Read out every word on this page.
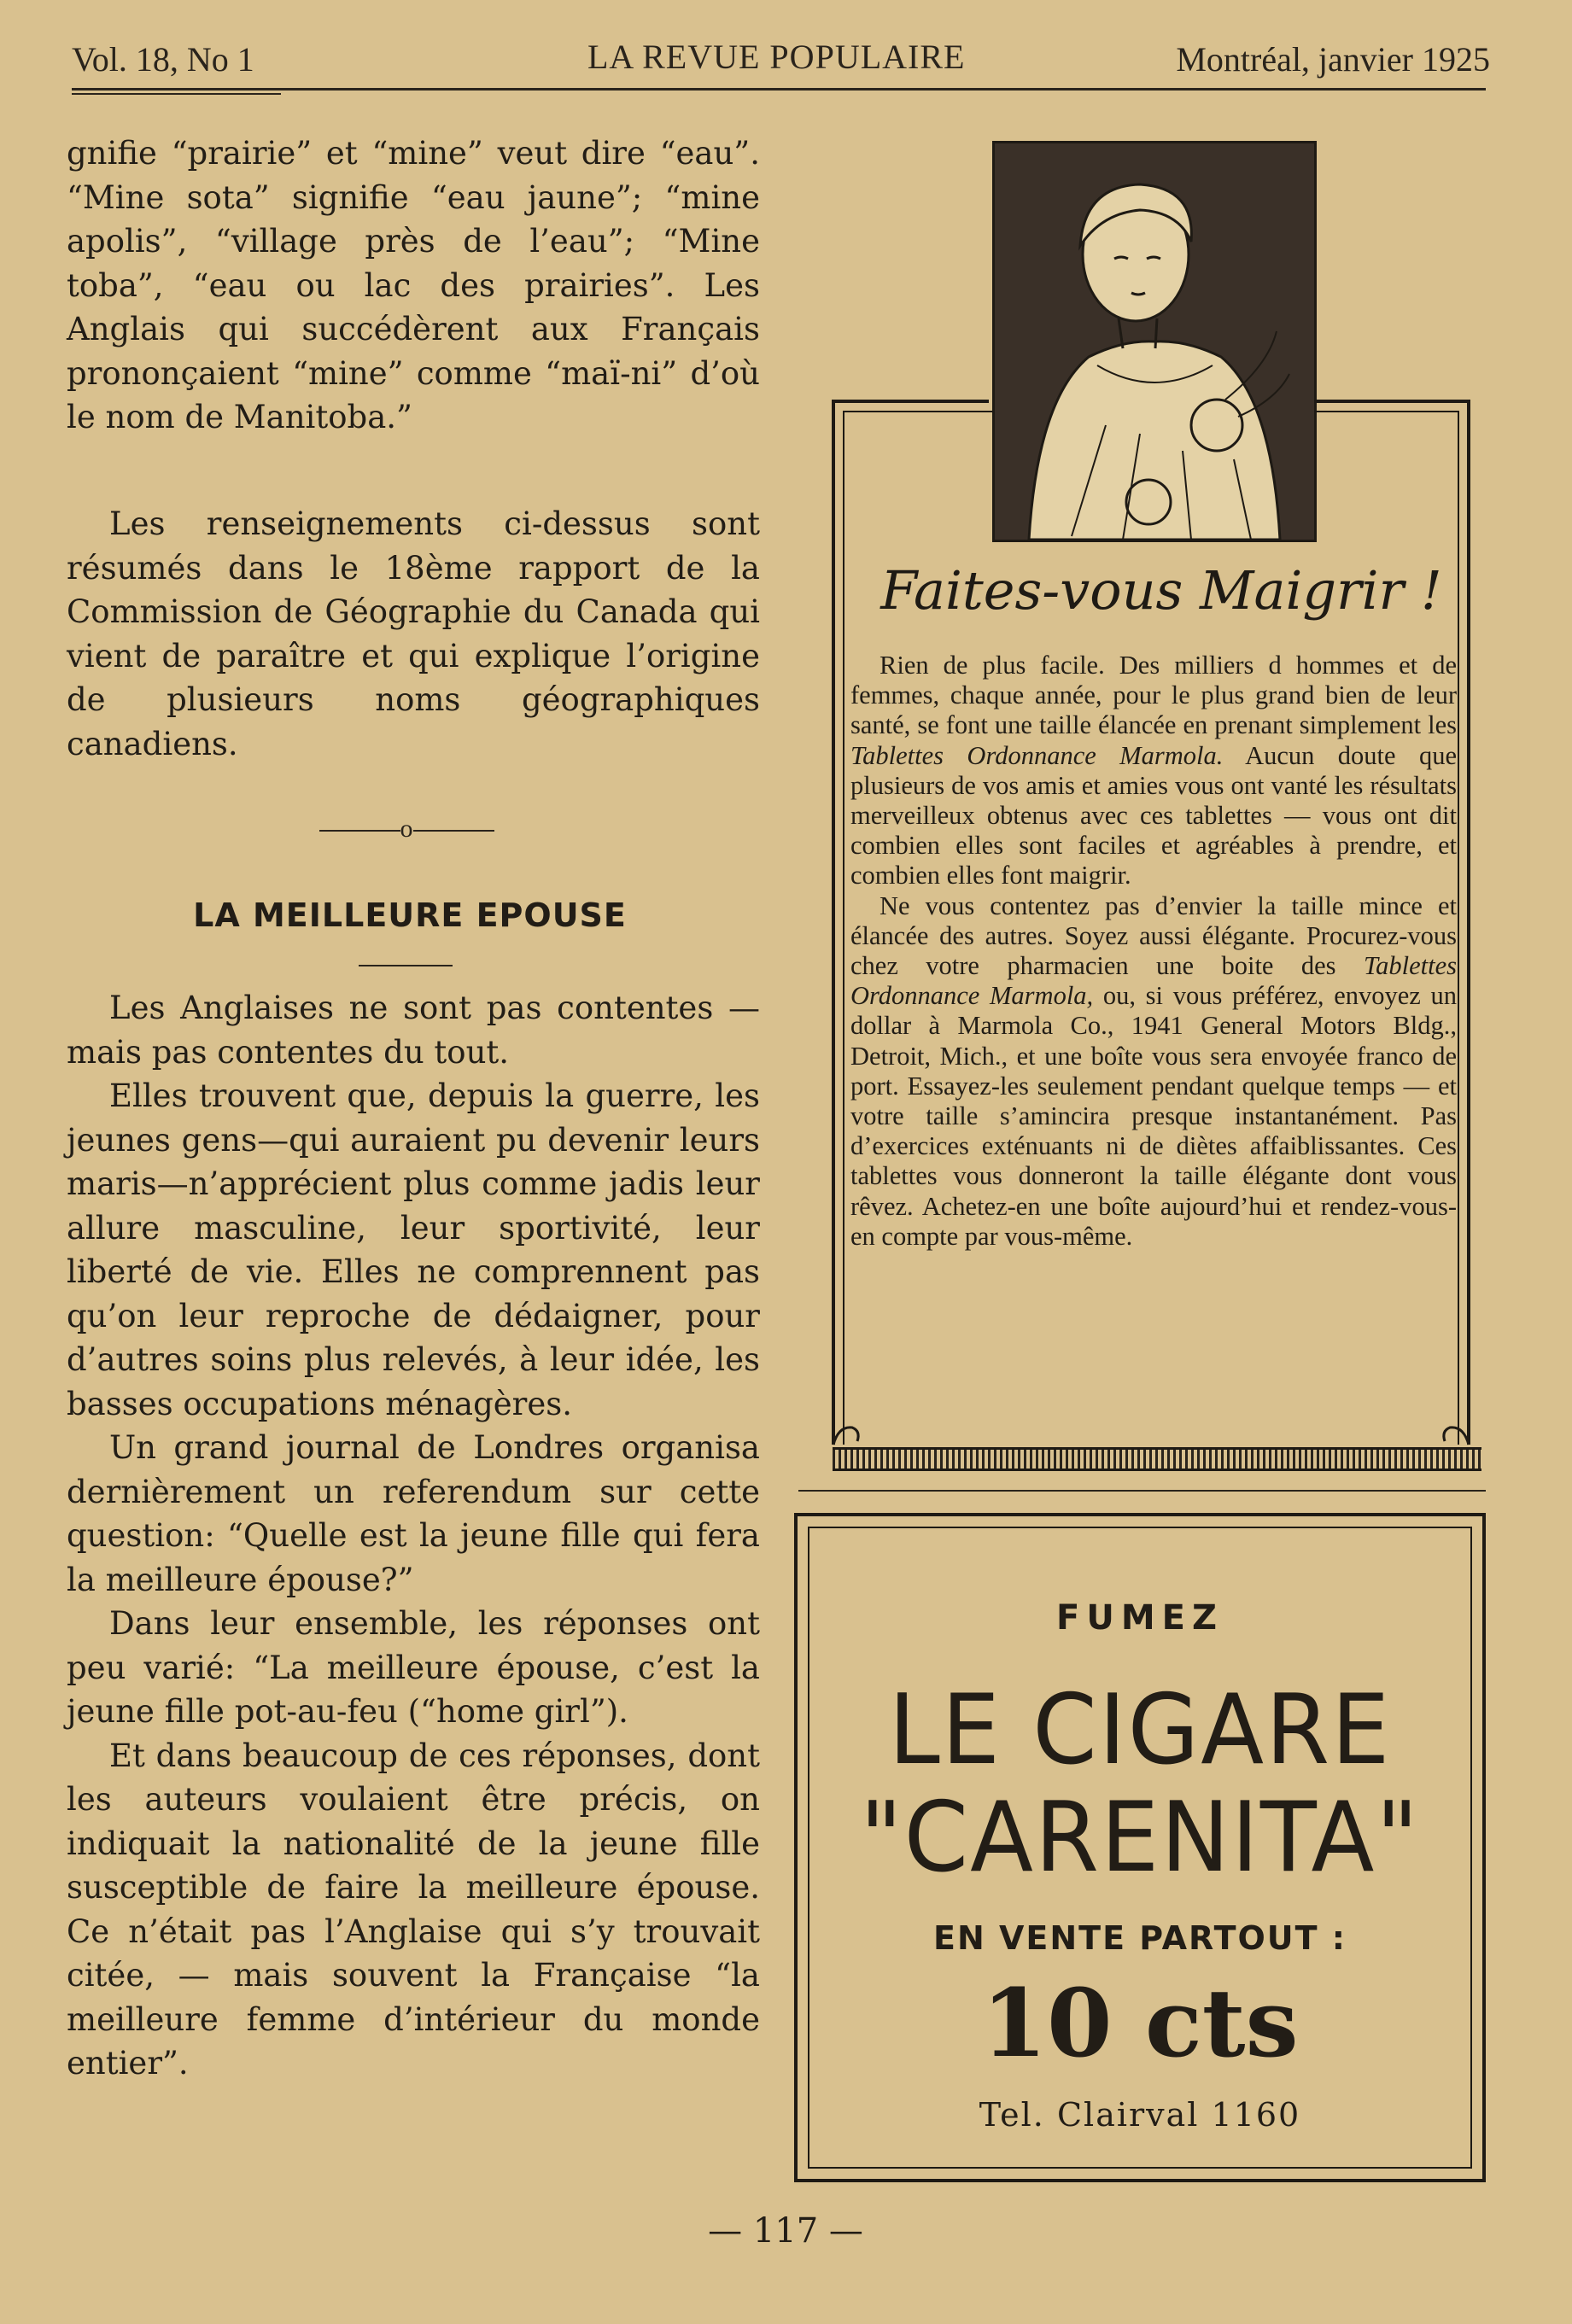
Vol. 18, No 1	LA REVUE POPULAIRE	Montréal, janvier 1925

gnifie “prairie” et “mine” veut dire “eau”. “Mine sota” signifie “eau jaune”; “mine apolis”, “village près de l’eau”; “Mine toba”, “eau ou lac des prairies”. Les Anglais qui succédèrent aux Français prononçaient “mine” comme “maï-ni” d’où le nom de Manitoba.”

Les renseignements ci-dessus sont résumés dans le 18ème rapport de la Commission de Géographie du Canada qui vient de paraître et qui explique l’origine de plusieurs noms géographiques canadiens.

o
LA MEILLEURE EPOUSE

Les Anglaises ne sont pas contentes —mais pas contentes du tout.

Elles trouvent que, depuis la guerre, les jeunes gens—qui auraient pu devenir leurs maris—n’apprécient plus comme jadis leur allure masculine, leur sportivité, leur liberté de vie. Elles ne comprennent pas qu’on leur reproche de dédaigner, pour d’autres soins plus relevés, à leur idée, les basses occupations ménagères.

Un grand journal de Londres organisa dernièrement un referendum sur cette question: “Quelle est la jeune fille qui fera la meilleure épouse?”

Dans leur ensemble, les réponses ont peu varié: “La meilleure épouse, c’est la jeune fille pot-au-feu (“home girl”).

Et dans beaucoup de ces réponses, dont les auteurs voulaient être précis, on indiquait la nationalité de la jeune fille susceptible de faire la meilleure épouse. Ce n’était pas l’Anglaise qui s’y trouvait citée, — mais souvent la Française “la meilleure femme d’intérieur du monde entier”.

Faites-vous Maigrir !

Rien de plus facile. Des milliers d hommes et de femmes, chaque année, pour le plus grand bien de leur santé, se font une taille élancée en prenant simplement les Tablettes Ordonnance Marmola. Aucun doute que plusieurs de vos amis et amies vous ont vanté les résultats merveilleux obtenus avec ces tablettes — vous ont dit combien elles sont faciles et agréables à prendre, et combien elles font maigrir.

Ne vous contentez pas d’envier la taille mince et élancée des autres. Soyez aussi élégante. Procurez-vous chez votre pharmacien une boite des Tablettes Ordonnance Marmola, ou, si vous préférez, envoyez un dollar à Marmola Co., 1941 General Motors Bldg., Detroit, Mich., et une boîte vous sera envoyée franco de port. Essayez-les seulement pendant quelque temps — et votre taille s’amincira presque instantanément. Pas d’exercices exténuants ni de diètes affaiblissantes. Ces tablettes vous donneront la taille élégante dont vous rêvez. Achetez-en une boîte aujourd’hui et rendez-vous-en compte par vous-même.

FUMEZ
LE CIGARE
"CARENITA"
EN VENTE PARTOUT :
10 cts
Tel. Clairval 1160
— 117 —
